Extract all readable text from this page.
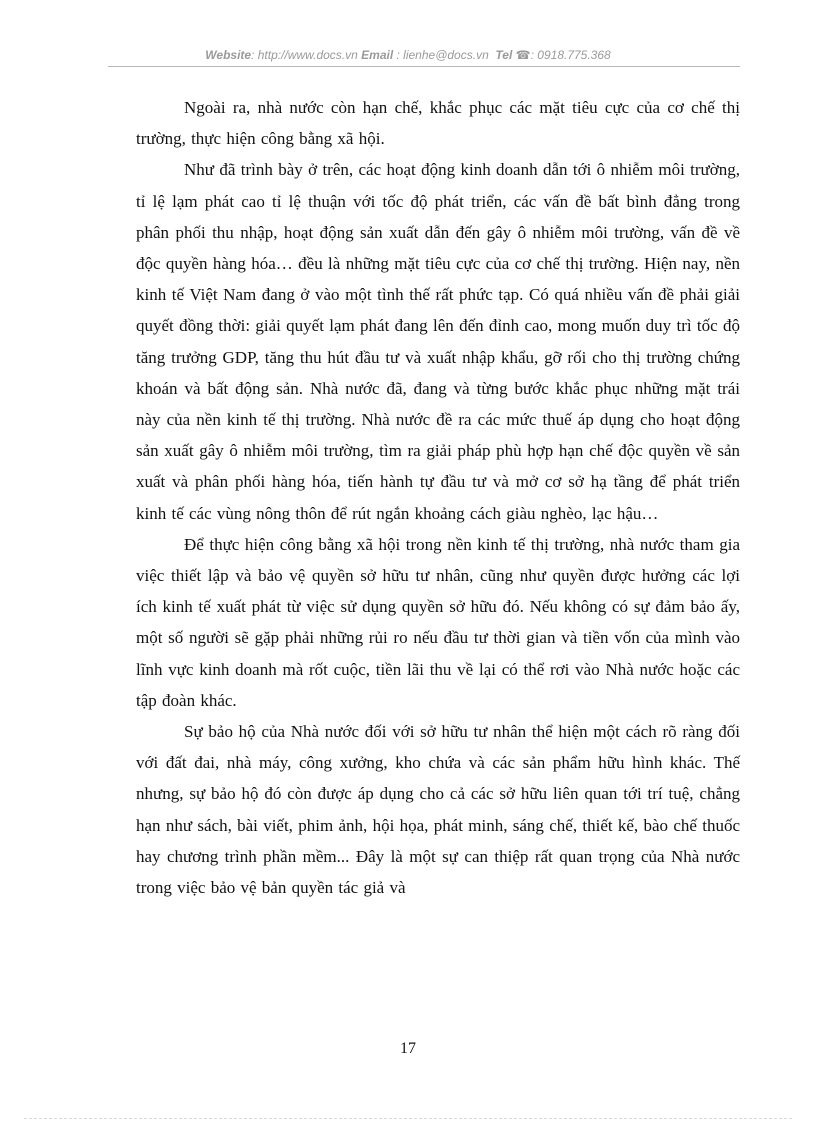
Website: http://www.docs.vn Email : lienhe@docs.vn Tel ☎: 0918.775.368

Ngoài ra, nhà nước còn hạn chế, khắc phục các mặt tiêu cực của cơ chế thị trường, thực hiện công bằng xã hội.

Như đã trình bày ở trên, các hoạt động kinh doanh dẫn tới ô nhiễm môi trường, tỉ lệ lạm phát cao tỉ lệ thuận với tốc độ phát triển, các vấn đề bất bình đẳng trong phân phối thu nhập, hoạt động sản xuất dẫn đến gây ô nhiễm môi trường, vấn đề về độc quyền hàng hóa… đều là những mặt tiêu cực của cơ chế thị trường. Hiện nay, nền kinh tế Việt Nam đang ở vào một tình thế rất phức tạp. Có quá nhiều vấn đề phải giải quyết đồng thời: giải quyết lạm phát đang lên đến đỉnh cao, mong muốn duy trì tốc độ tăng trưởng GDP, tăng thu hút đầu tư và xuất nhập khẩu, gỡ rối cho thị trường chứng khoán và bất động sản. Nhà nước đã, đang và từng bước khắc phục những mặt trái này của nền kinh tế thị trường. Nhà nước đề ra các mức thuế áp dụng cho hoạt động sản xuất gây ô nhiễm môi trường, tìm ra giải pháp phù hợp hạn chế độc quyền về sản xuất và phân phối hàng hóa, tiến hành tự đầu tư và mở cơ sở hạ tầng để phát triển kinh tế các vùng nông thôn để rút ngắn khoảng cách giàu nghèo, lạc hậu…

Để thực hiện công bằng xã hội trong nền kinh tế thị trường, nhà nước tham gia việc thiết lập và bảo vệ quyền sở hữu tư nhân, cũng như quyền được hưởng các lợi ích kinh tế xuất phát từ việc sử dụng quyền sở hữu đó. Nếu không có sự đảm bảo ấy, một số người sẽ gặp phải những rủi ro nếu đầu tư thời gian và tiền vốn của mình vào lĩnh vực kinh doanh mà rốt cuộc, tiền lãi thu về lại có thể rơi vào Nhà nước hoặc các tập đoàn khác.

Sự bảo hộ của Nhà nước đối với sở hữu tư nhân thể hiện một cách rõ ràng đối với đất đai, nhà máy, công xưởng, kho chứa và các sản phẩm hữu hình khác. Thế nhưng, sự bảo hộ đó còn được áp dụng cho cả các sở hữu liên quan tới trí tuệ, chẳng hạn như sách, bài viết, phim ảnh, hội họa, phát minh, sáng chế, thiết kế, bào chế thuốc hay chương trình phần mềm... Đây là một sự can thiệp rất quan trọng của Nhà nước trong việc bảo vệ bản quyền tác giả và

17
